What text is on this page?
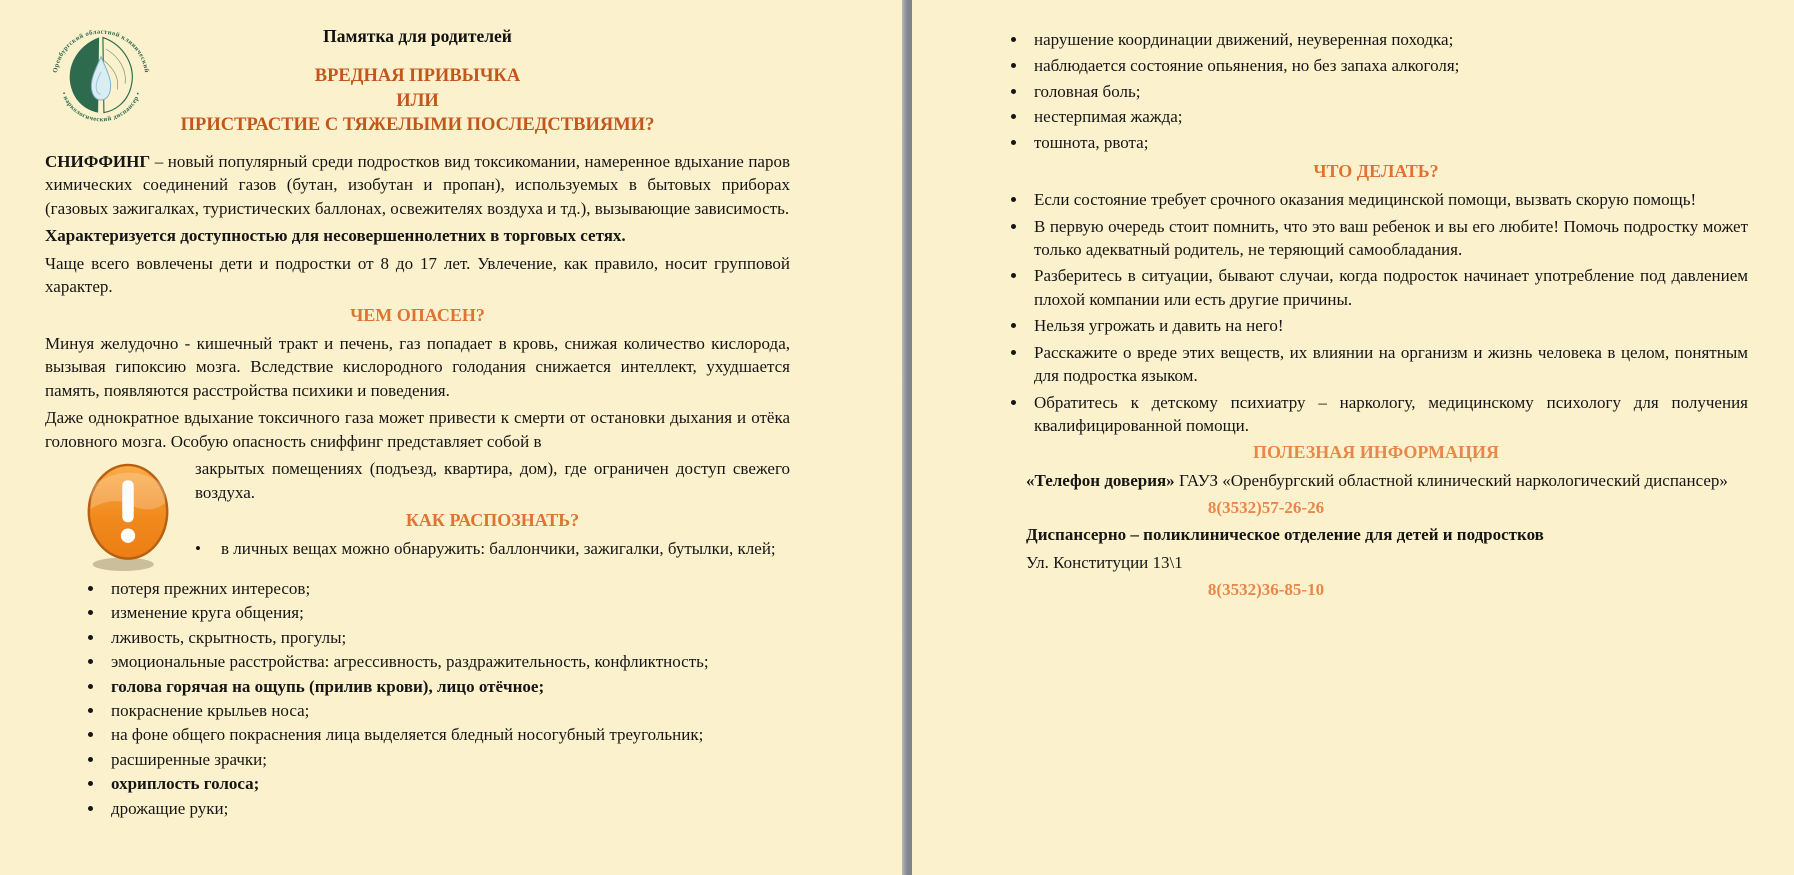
Оренбургский областной клинический
• наркологический диспансер •
Памятка для родителей
ВРЕДНАЯ ПРИВЫЧКА
ИЛИ
ПРИСТРАСТИЕ С ТЯЖЕЛЫМИ ПОСЛЕДСТВИЯМИ?

СНИФФИНГ – новый популярный среди подростков вид токсикомании, намеренное вдыхание паров химических соединений газов (бутан, изобутан и пропан), используемых в бытовых приборах (газовых зажигалках, туристических баллонах, освежителях воздуха и тд.), вызывающие зависимость.

Характеризуется доступностью для несовершеннолетних в торговых сетях.

Чаще всего вовлечены дети и подростки от 8 до 17 лет. Увлечение, как правило, носит групповой характер.

ЧЕМ ОПАСЕН?

Минуя желудочно - кишечный тракт и печень, газ попадает в кровь, снижая количество кислорода, вызывая гипоксию мозга. Вследствие кислородного голодания снижается интеллект, ухудшается память, появляются расстройства психики и поведения.

Даже однократное вдыхание токсичного газа может привести к смерти от остановки дыхания и отёка головного мозга. Особую опасность сниффинг представляет собой в

закрытых помещениях (подъезд, квартира, дом), где ограничен доступ свежего воздуха.

КАК РАСПОЗНАТЬ?
•	в личных вещах можно обнаружить: баллончики, зажигалки, бутылки, клей;
• потеря прежних интересов;
• изменение круга общения;
• лживость, скрытность, прогулы;
• эмоциональные расстройства: агрессивность, раздражительность, конфликтность;
• голова горячая на ощупь (прилив крови), лицо отёчное;
• покраснение крыльев носа;
• на фоне общего покраснения лица выделяется бледный носогубный треугольник;
• расширенные зрачки;
• охриплость голоса;
• дрожащие руки;
• нарушение координации движений, неуверенная походка;
• наблюдается состояние опьянения, но без запаха алкоголя;
• головная боль;
• нестерпимая жажда;
• тошнота, рвота;
ЧТО ДЕЛАТЬ?
• Если состояние требует срочного оказания медицинской помощи, вызвать скорую помощь!
• В первую очередь стоит помнить, что это ваш ребенок и вы его любите! Помочь подростку может только адекватный родитель, не теряющий самообладания.
• Разберитесь в ситуации, бывают случаи, когда подросток начинает употребление под давлением плохой компании или есть другие причины.
• Нельзя угрожать и давить на него!
• Расскажите о вреде этих веществ, их влиянии на организм и жизнь человека в целом, понятным для подростка языком.
• Обратитесь к детскому психиатру – наркологу, медицинскому психологу для получения квалифицированной помощи.
ПОЛЕЗНАЯ ИНФОРМАЦИЯ

«Телефон доверия» ГАУЗ «Оренбургский областной клинический наркологический диспансер»

8(3532)57-26-26

Диспансерно – поликлиническое отделение для детей и подростков

Ул. Конституции 13\1

8(3532)36-85-10
